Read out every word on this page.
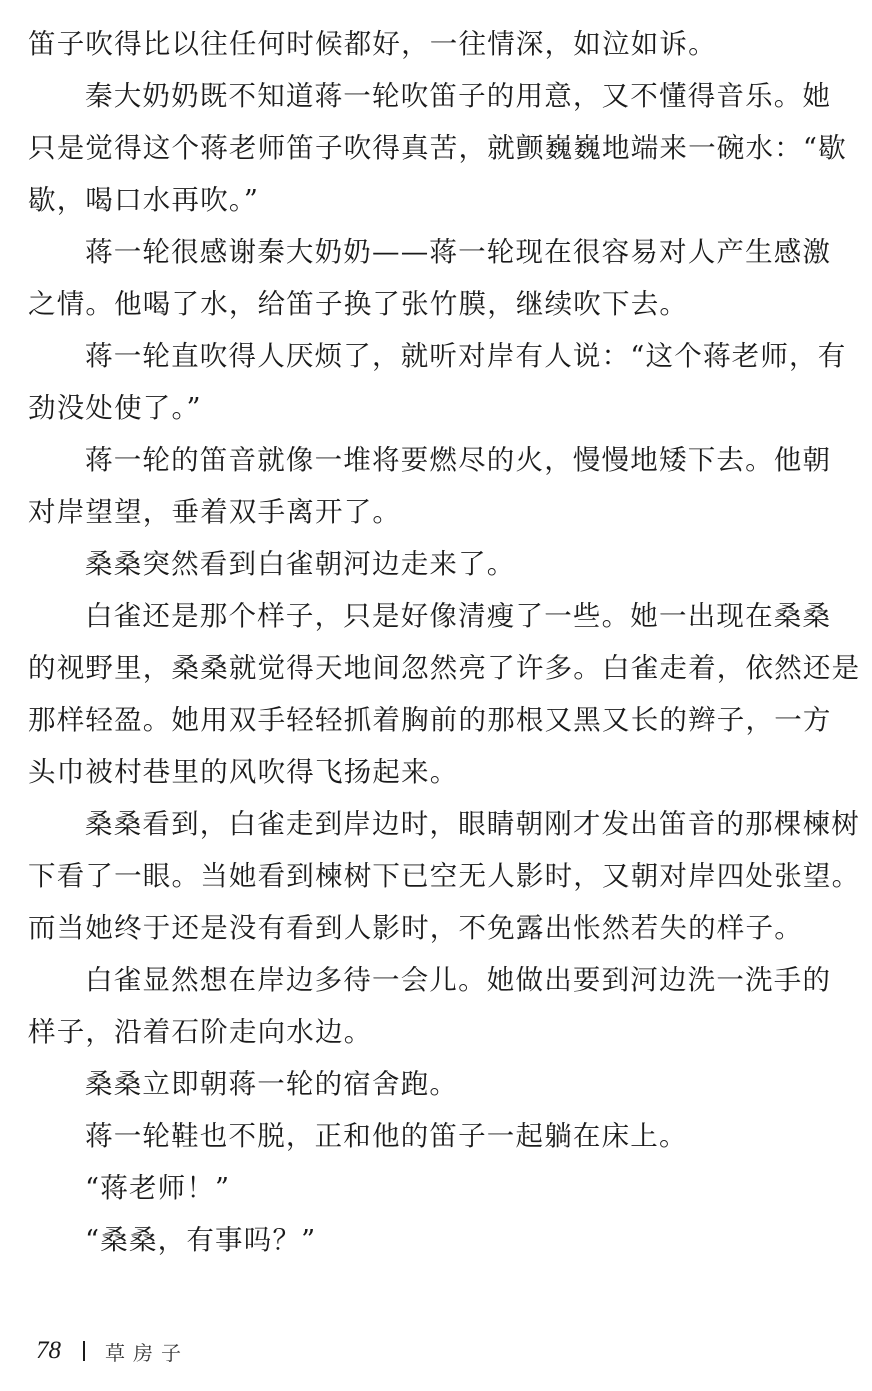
笛子吹得比以往任何时候都好，一往情深，如泣如诉。
秦大奶奶既不知道蒋一轮吹笛子的用意，又不懂得音乐。她
只是觉得这个蒋老师笛子吹得真苦，就颤巍巍地端来一碗水：“歇
歇，喝口水再吹。”
蒋一轮很感谢秦大奶奶——蒋一轮现在很容易对人产生感激
之情。他喝了水，给笛子换了张竹膜，继续吹下去。
蒋一轮直吹得人厌烦了，就听对岸有人说：“这个蒋老师，有
劲没处使了。”
蒋一轮的笛音就像一堆将要燃尽的火，慢慢地矮下去。他朝
对岸望望，垂着双手离开了。
桑桑突然看到白雀朝河边走来了。
白雀还是那个样子，只是好像清瘦了一些。她一出现在桑桑
的视野里，桑桑就觉得天地间忽然亮了许多。白雀走着，依然还是
那样轻盈。她用双手轻轻抓着胸前的那根又黑又长的辫子，一方
头巾被村巷里的风吹得飞扬起来。
桑桑看到，白雀走到岸边时，眼睛朝刚才发出笛音的那棵楝树
下看了一眼。当她看到楝树下已空无人影时，又朝对岸四处张望。
而当她终于还是没有看到人影时，不免露出怅然若失的样子。
白雀显然想在岸边多待一会儿。她做出要到河边洗一洗手的
样子，沿着石阶走向水边。
桑桑立即朝蒋一轮的宿舍跑。
蒋一轮鞋也不脱，正和他的笛子一起躺在床上。
“蒋老师！”
“桑桑，有事吗？”
78 草房子
